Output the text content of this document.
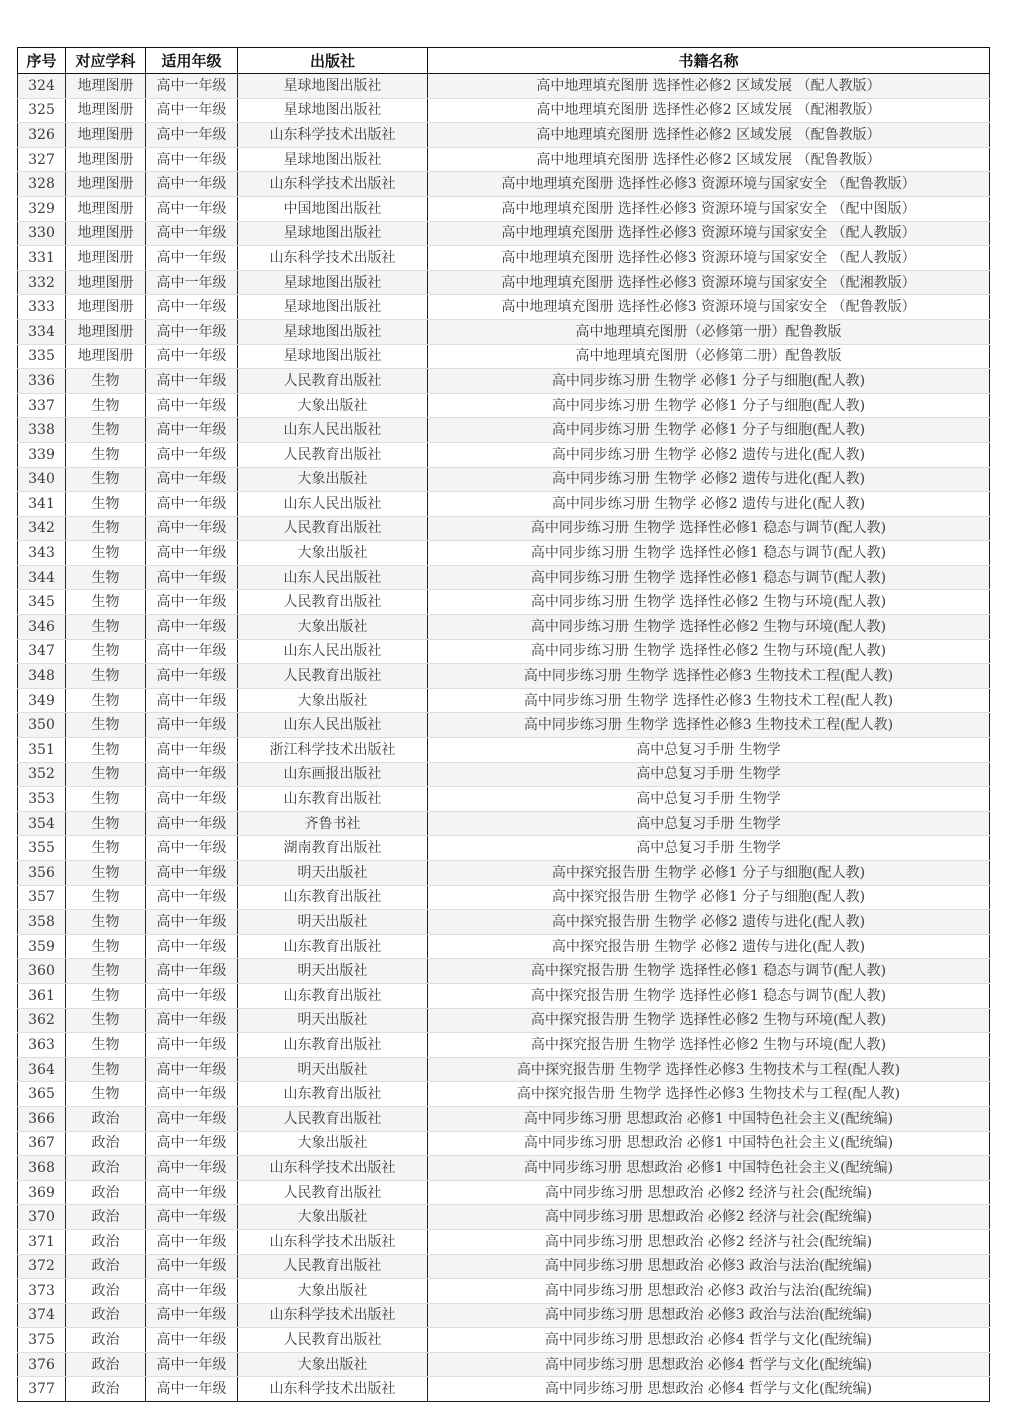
序号	对应学科	适用年级	出版社	书籍名称
324	地理图册	高中一年级	星球地图出版社	高中地理填充图册 选择性必修2 区域发展 （配人教版）
325	地理图册	高中一年级	星球地图出版社	高中地理填充图册 选择性必修2 区域发展 （配湘教版）
326	地理图册	高中一年级	山东科学技术出版社	高中地理填充图册 选择性必修2 区域发展 （配鲁教版）
327	地理图册	高中一年级	星球地图出版社	高中地理填充图册 选择性必修2 区域发展 （配鲁教版）
328	地理图册	高中一年级	山东科学技术出版社	高中地理填充图册 选择性必修3 资源环境与国家安全 （配鲁教版）
329	地理图册	高中一年级	中国地图出版社	高中地理填充图册 选择性必修3 资源环境与国家安全 （配中图版）
330	地理图册	高中一年级	星球地图出版社	高中地理填充图册 选择性必修3 资源环境与国家安全 （配人教版）
331	地理图册	高中一年级	山东科学技术出版社	高中地理填充图册 选择性必修3 资源环境与国家安全 （配人教版）
332	地理图册	高中一年级	星球地图出版社	高中地理填充图册 选择性必修3 资源环境与国家安全 （配湘教版）
333	地理图册	高中一年级	星球地图出版社	高中地理填充图册 选择性必修3 资源环境与国家安全 （配鲁教版）
334	地理图册	高中一年级	星球地图出版社	高中地理填充图册（必修第一册）配鲁教版
335	地理图册	高中一年级	星球地图出版社	高中地理填充图册（必修第二册）配鲁教版
336	生物	高中一年级	人民教育出版社	高中同步练习册 生物学 必修1 分子与细胞(配人教)
337	生物	高中一年级	大象出版社	高中同步练习册 生物学 必修1 分子与细胞(配人教)
338	生物	高中一年级	山东人民出版社	高中同步练习册 生物学 必修1 分子与细胞(配人教)
339	生物	高中一年级	人民教育出版社	高中同步练习册 生物学 必修2 遗传与进化(配人教)
340	生物	高中一年级	大象出版社	高中同步练习册 生物学 必修2 遗传与进化(配人教)
341	生物	高中一年级	山东人民出版社	高中同步练习册 生物学 必修2 遗传与进化(配人教)
342	生物	高中一年级	人民教育出版社	高中同步练习册 生物学 选择性必修1 稳态与调节(配人教)
343	生物	高中一年级	大象出版社	高中同步练习册 生物学 选择性必修1 稳态与调节(配人教)
344	生物	高中一年级	山东人民出版社	高中同步练习册 生物学 选择性必修1 稳态与调节(配人教)
345	生物	高中一年级	人民教育出版社	高中同步练习册 生物学 选择性必修2 生物与环境(配人教)
346	生物	高中一年级	大象出版社	高中同步练习册 生物学 选择性必修2 生物与环境(配人教)
347	生物	高中一年级	山东人民出版社	高中同步练习册 生物学 选择性必修2 生物与环境(配人教)
348	生物	高中一年级	人民教育出版社	高中同步练习册 生物学 选择性必修3 生物技术工程(配人教)
349	生物	高中一年级	大象出版社	高中同步练习册 生物学 选择性必修3 生物技术工程(配人教)
350	生物	高中一年级	山东人民出版社	高中同步练习册 生物学 选择性必修3 生物技术工程(配人教)
351	生物	高中一年级	浙江科学技术出版社	高中总复习手册 生物学
352	生物	高中一年级	山东画报出版社	高中总复习手册 生物学
353	生物	高中一年级	山东教育出版社	高中总复习手册 生物学
354	生物	高中一年级	齐鲁书社	高中总复习手册 生物学
355	生物	高中一年级	湖南教育出版社	高中总复习手册 生物学
356	生物	高中一年级	明天出版社	高中探究报告册 生物学 必修1 分子与细胞(配人教)
357	生物	高中一年级	山东教育出版社	高中探究报告册 生物学 必修1 分子与细胞(配人教)
358	生物	高中一年级	明天出版社	高中探究报告册 生物学 必修2 遗传与进化(配人教)
359	生物	高中一年级	山东教育出版社	高中探究报告册 生物学 必修2 遗传与进化(配人教)
360	生物	高中一年级	明天出版社	高中探究报告册 生物学 选择性必修1 稳态与调节(配人教)
361	生物	高中一年级	山东教育出版社	高中探究报告册 生物学 选择性必修1 稳态与调节(配人教)
362	生物	高中一年级	明天出版社	高中探究报告册 生物学 选择性必修2 生物与环境(配人教)
363	生物	高中一年级	山东教育出版社	高中探究报告册 生物学 选择性必修2 生物与环境(配人教)
364	生物	高中一年级	明天出版社	高中探究报告册 生物学 选择性必修3 生物技术与工程(配人教)
365	生物	高中一年级	山东教育出版社	高中探究报告册 生物学 选择性必修3 生物技术与工程(配人教)
366	政治	高中一年级	人民教育出版社	高中同步练习册 思想政治 必修1 中国特色社会主义(配统编)
367	政治	高中一年级	大象出版社	高中同步练习册 思想政治 必修1 中国特色社会主义(配统编)
368	政治	高中一年级	山东科学技术出版社	高中同步练习册 思想政治 必修1 中国特色社会主义(配统编)
369	政治	高中一年级	人民教育出版社	高中同步练习册 思想政治 必修2 经济与社会(配统编)
370	政治	高中一年级	大象出版社	高中同步练习册 思想政治 必修2 经济与社会(配统编)
371	政治	高中一年级	山东科学技术出版社	高中同步练习册 思想政治 必修2 经济与社会(配统编)
372	政治	高中一年级	人民教育出版社	高中同步练习册 思想政治 必修3 政治与法治(配统编)
373	政治	高中一年级	大象出版社	高中同步练习册 思想政治 必修3 政治与法治(配统编)
374	政治	高中一年级	山东科学技术出版社	高中同步练习册 思想政治 必修3 政治与法治(配统编)
375	政治	高中一年级	人民教育出版社	高中同步练习册 思想政治 必修4 哲学与文化(配统编)
376	政治	高中一年级	大象出版社	高中同步练习册 思想政治 必修4 哲学与文化(配统编)
377	政治	高中一年级	山东科学技术出版社	高中同步练习册 思想政治 必修4 哲学与文化(配统编)
